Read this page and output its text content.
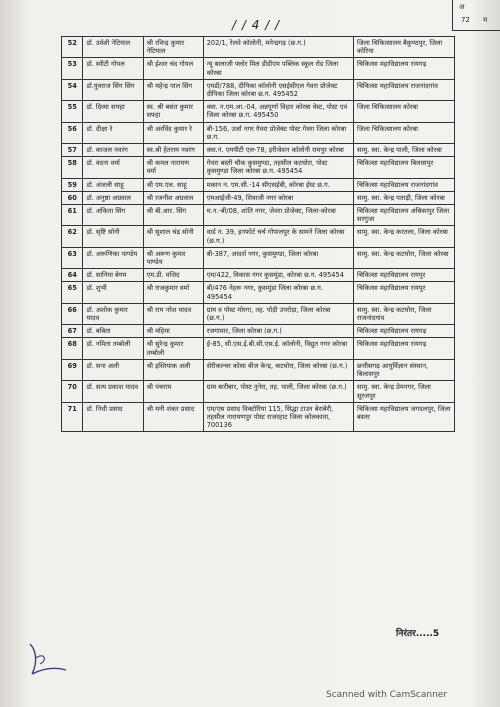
अ
72 म
/ / 4 / /
52	डॉ. उर्वशी नेटियाल	श्री रविन्द्र कुमार नेटियाल	202/1, रेलवे कॉलोनी, मनेन्द्रगढ़ (छ.ग.)	जिला चिकित्सालय बैकुण्ठपुर, जिला कोरिया
53	डॉ. स्वीटी गोयल	श्री ईश्वर चंद गोयल	न्यू बालाजी फ्लोर मिल डीडीएम पब्लिक स्कूल रोड जिला कोरबा	चिकित्सा महाविद्यालय रायगढ़
54	डॉ.युवराज सिंग सिंग	श्री महेन्द्र पाल सिंग	एमडी/788, दीपिका कॉलोनी एसईसीएल गेवरा प्रोजेक्ट दीपिका जिला कोरबा छ.ग. 495452	चिकित्सा महाविद्यालय राजनांदगांव
55	डॉ. दिव्या सफ्हा	स्व. श्री बसंत कुमार सफ्हा	क्वा. न.एम.आ.-04, अन्नपूर्णा विहार कोरबा वेस्ट, पोस्ट एवं जिला कोरबा छ.ग. 495450	जिला चिकित्सालय कोरबा
56	डॉ. दीक्षा रे	श्री अरविंद कुमार रे	बी-156, उर्जा नगर गेवरा प्रोजेक्ट पोस्ट गेवरा जिला कोरबा छ.ग.	जिला चिकित्सालय कोरबा
57	डॉ. काजल नवरंग	स्व.श्री हेतराम नवरंग	क्वा.नं. एमपीटी एल-78, इरीजेशन कॉलोनी रामपुर कोरबा	सामु. स्वा. केन्द्र पाली, जिला कोरबा
58	डॉ. वंदना वर्मा	श्री कमल नारायण वर्मा	गेवरा बस्ती चौक कुसमुण्डा, तहसील कटघोरा, पोस्ट कुसमुण्डा जिला कोरबा छ.ग. 495454	चिकित्सा महाविद्यालय बिलासपुर
59	डॉ. अंजली साहू	श्री एम.एल. साहू	मकान न. एम.सी.-14 सीएसईबी, कोरबा ईस्ट छ.ग.	चिकित्सा महाविद्यालय राजनांदगांव
60	डॉ. अनुष्ठा अग्रवाल	श्री रजनीश अग्रवाल	एमआईजी-49, शिवाजी नगर कोरबा	सामु. स्वा. केन्द्र पताढ़ी, जिला कोरबा
61	डॉ. अंकिता सिंग	श्री बी.आर. सिंग	म.न.-बी/08, शांति नगर, जेवरा प्रोजेक्ट, जिला-कोरबा	चिकित्सा महाविद्यालय अंबिकापुर जिला सरगुजा
62	डॉ. सृष्टि सोनी	श्री सुशाल चंद्र सोनी	वार्ड न. 39, इनफोर्ट चर्च गोपालपुर के सामने जिला कोरबा (छ.ग.)	सामु. स्वा. केन्द्र करतला, जिला कोरबा
63	डॉ. अरूणिका पाण्डेय	श्री अरूण कुमार पाण्डेय	बी-387, आदर्श नगर, कुसमुण्डा, जिला कोरबा	सामु. स्वा. केन्द्र कटघोरा, जिला कोरबा
64	डॉ. सानिया बेगम	एम.डी. वजिद	एम/422, विकास नगर कुसमुंडा, कोरबा छ.ग. 495454	चिकित्सा महाविद्यालय रायपुर
65	डॉ. शुभी	श्री राजकुमार वर्मा	बी/476 नेहरू नगर, कुसमुंडा जिला कोरबा छ.ग. 495454	चिकित्सा महाविद्यालय रायपुर
66	डॉ. अशोक कुमार यादव	श्री राम नरेश यादव	ग्राम व पोस्ट मोरगा, तह. पोड़ी उपरोड़ा, जिला कोरबा (छ.ग.)	सामु. स्वा. केन्द्र कटघोरा, जिला राजनांदगांव
67	डॉ. बबिता	श्री महिमा	रजगामार, जिला कोरबा (छ.ग.)	चिकित्सा महाविद्यालय रायगढ़
68	डॉ. नमिता तम्बोली	श्री सुरेन्द्र कुमार तम्बोली	ई-85, सी.एस.ई.बी.सी.एस.ई. कॉलोनी, विद्युत नगर कोरबा	चिकित्सा महाविद्यालय रायगढ़
69	डॉ. सना अली	श्री इस्तियाक अली	सेरीकल्चर कोसा बीज केन्द्र, कटघोरा, जिला कोरबा (छ.ग.)	छत्तीसगढ़ आयुर्विज्ञान संस्थान, बिलासपुर
70	डॉ. सत्य प्रकाश यादव	श्री पंचराम	ग्राम बारीबार, पोस्ट नुनेरा, तह. पाली, जिला कोरबा (छ.ग.)	सामु. स्वा. केन्द्र प्रेमनगर, जिला सूरजपुर
71	डॉ. निधी प्रसाद	श्री मनी शंकर प्रसाद	एम/एस प्रसाद विक्टोरिया 115, सिद्धा टाउन बेराबेरी, तहसील नारायणपुर पोस्ट राजरहाट जिला कोलकाता, 700136	चिकित्सा महाविद्यालय जगदलपुर, जिला बस्तर
निरंतर.....5
Scanned with CamScanner
